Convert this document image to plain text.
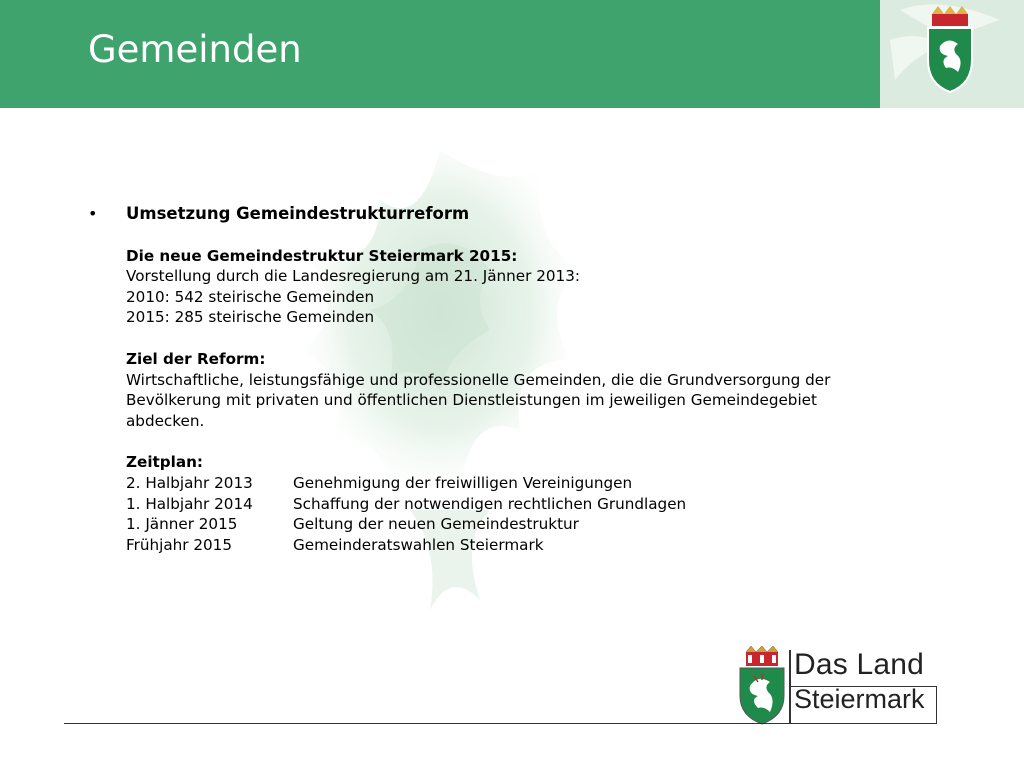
Gemeinden
• Umsetzung Gemeindestrukturreform
Die neue Gemeindestruktur Steiermark 2015:
Vorstellung durch die Landesregierung am 21. Jänner 2013:
2010: 542 steirische Gemeinden
2015: 285 steirische Gemeinden
Ziel der Reform:
Wirtschaftliche, leistungsfähige und professionelle Gemeinden, die die Grundversorgung der
Bevölkerung mit privaten und öffentlichen Dienstleistungen im jeweiligen Gemeindegebiet
abdecken.
Zeitplan:
2. Halbjahr 2013	Genehmigung der freiwilligen Vereinigungen
1. Halbjahr 2014	Schaffung der notwendigen rechtlichen Grundlagen
1. Jänner 2015	Geltung der neuen Gemeindestruktur
Frühjahr 2015	Gemeinderatswahlen Steiermark
Das Land
Steiermark
